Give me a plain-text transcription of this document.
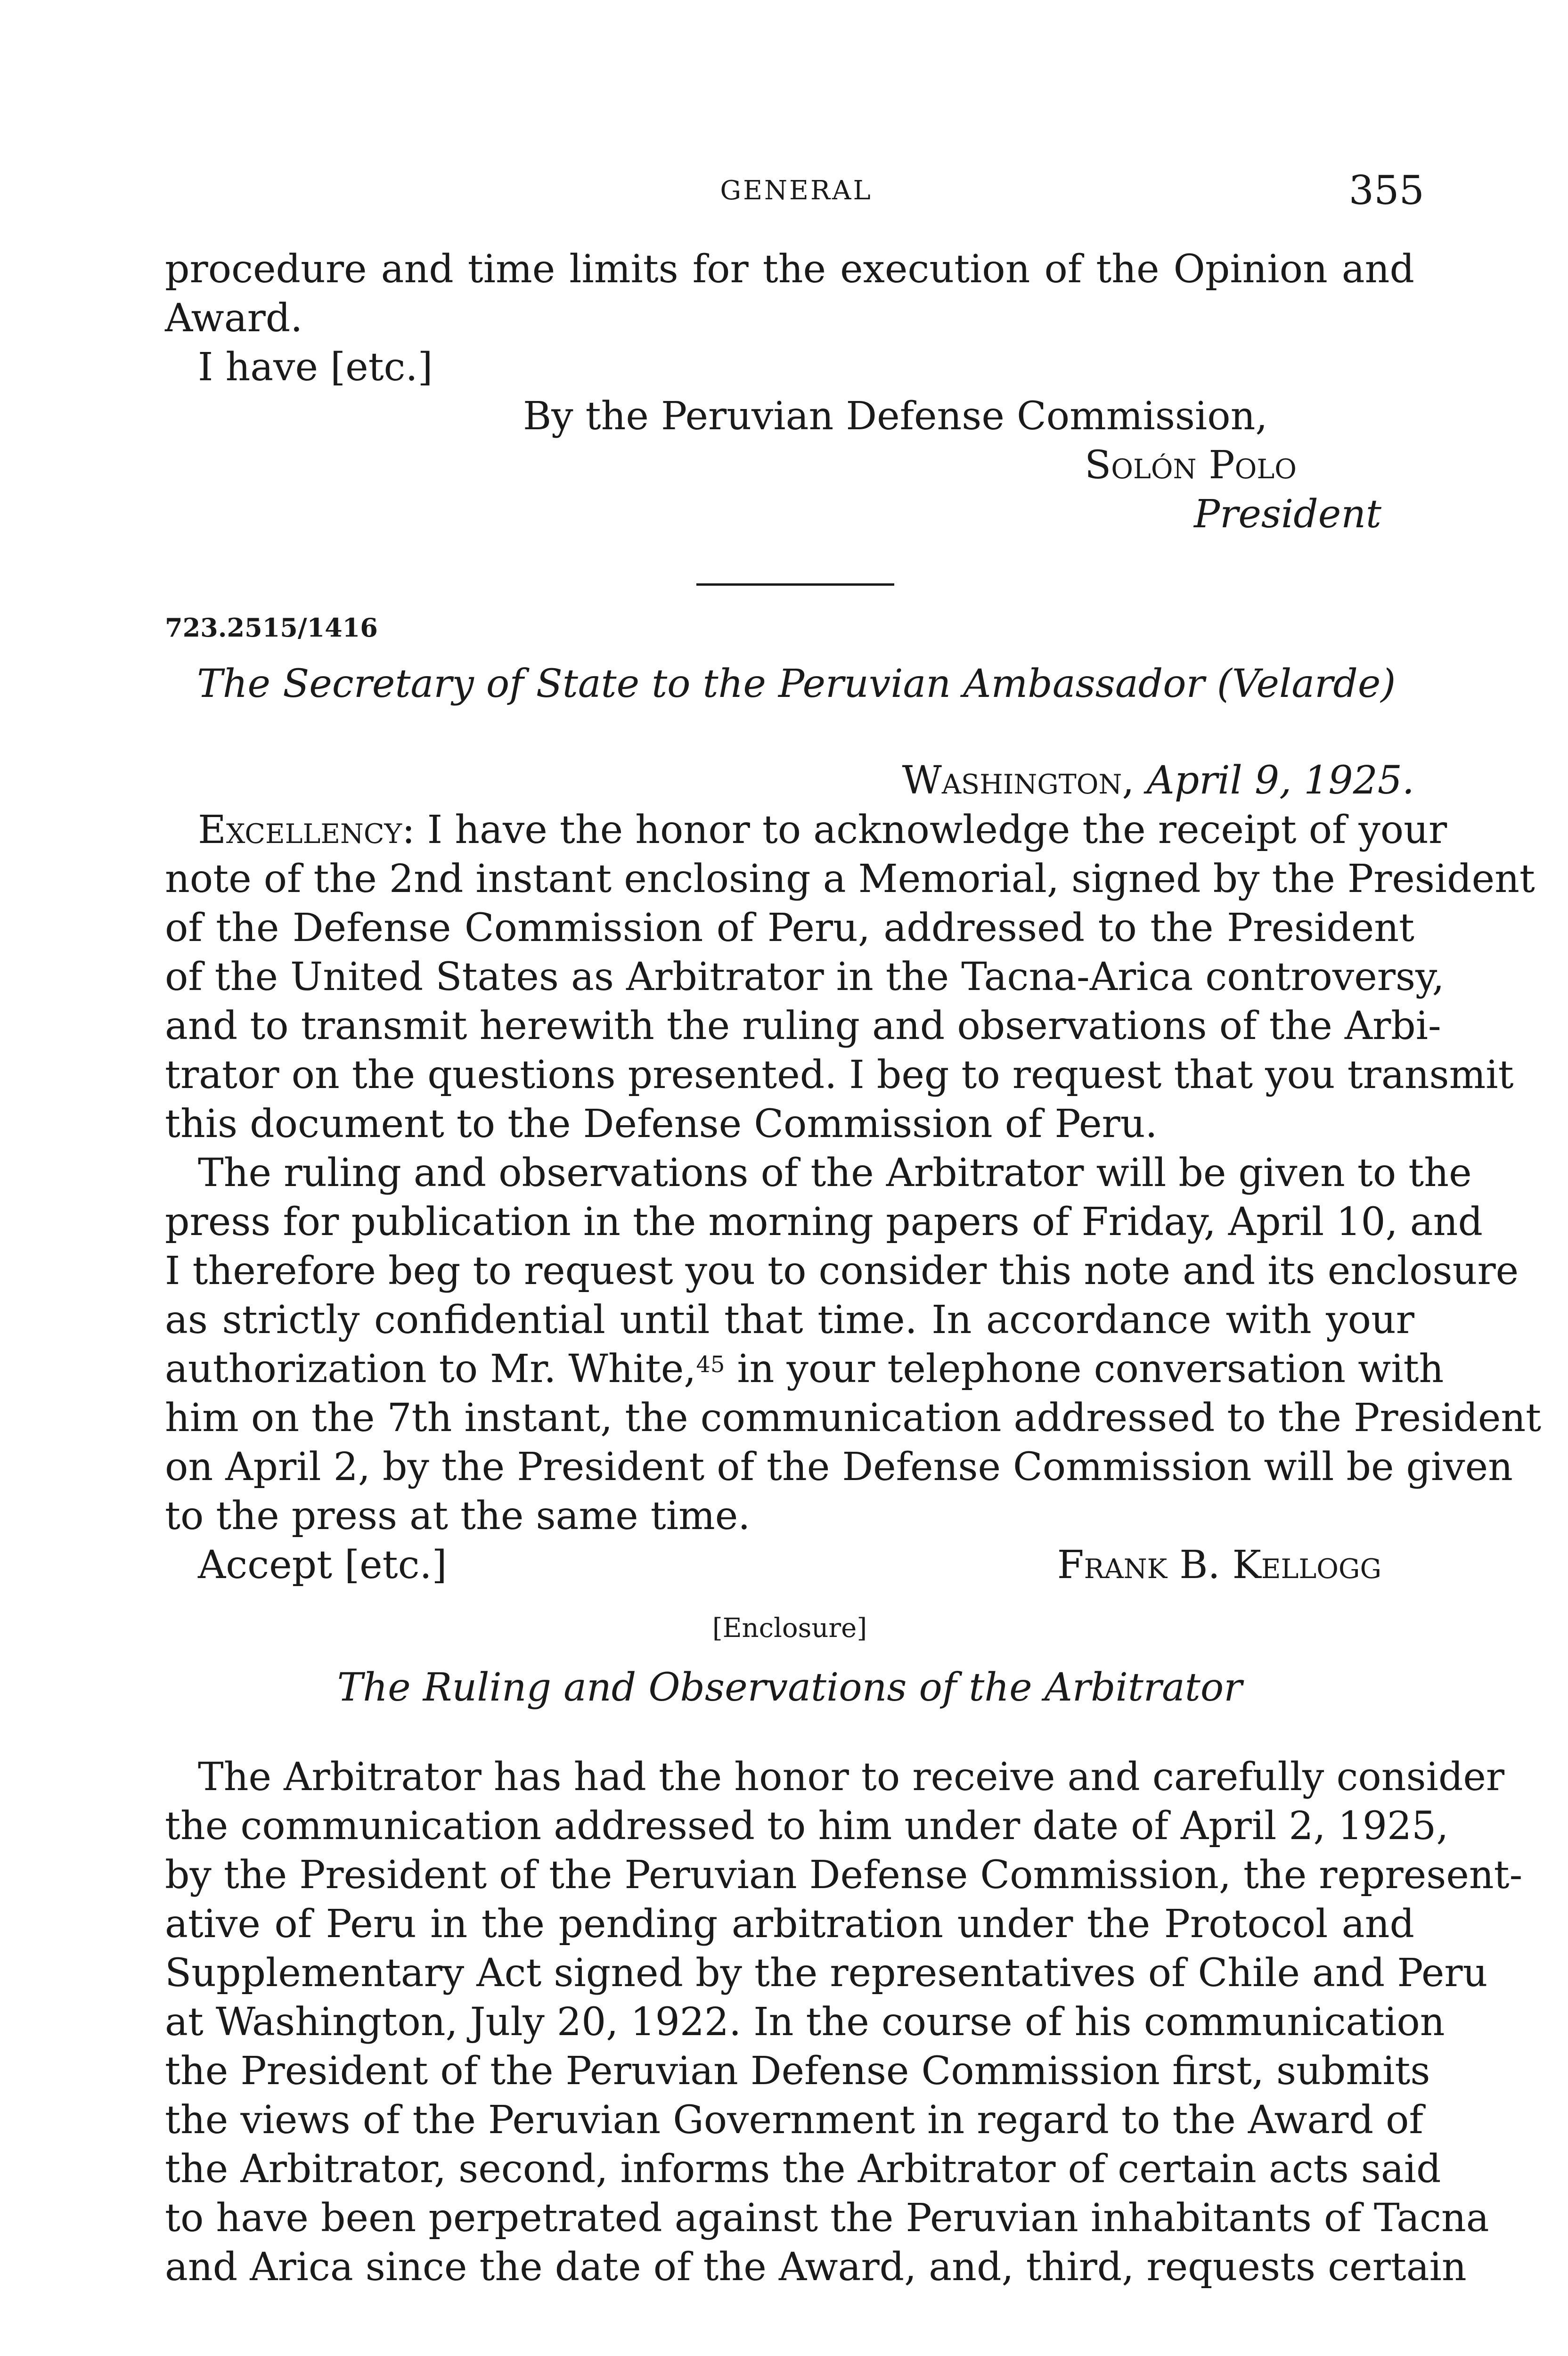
GENERAL	355
procedure and time limits for the execution of the Opinion and
Award.
I have [etc.]
By the Peruvian Defense Commission,
Solón Polo
President
723.2515/1416
The Secretary of State to the Peruvian Ambassador (Velarde)
Washington, April 9, 1925.
Excellency: I have the honor to acknowledge the receipt of your
note of the 2nd instant enclosing a Memorial, signed by the President
of the Defense Commission of Peru, addressed to the President
of the United States as Arbitrator in the Tacna-Arica controversy,
and to transmit herewith the ruling and observations of the Arbi-
trator on the questions presented. I beg to request that you transmit
this document to the Defense Commission of Peru.
The ruling and observations of the Arbitrator will be given to the
press for publication in the morning papers of Friday, April 10, and
I therefore beg to request you to consider this note and its enclosure
as strictly confidential until that time. In accordance with your
authorization to Mr. White,$^{45}$ in your telephone conversation with
him on the 7th instant, the communication addressed to the President
on April 2, by the President of the Defense Commission will be given
to the press at the same time.
Accept [etc.]	Frank B. Kellogg
[Enclosure]
The Ruling and Observations of the Arbitrator
The Arbitrator has had the honor to receive and carefully consider
the communication addressed to him under date of April 2, 1925,
by the President of the Peruvian Defense Commission, the represent-
ative of Peru in the pending arbitration under the Protocol and
Supplementary Act signed by the representatives of Chile and Peru
at Washington, July 20, 1922. In the course of his communication
the President of the Peruvian Defense Commission first, submits
the views of the Peruvian Government in regard to the Award of
the Arbitrator, second, informs the Arbitrator of certain acts said
to have been perpetrated against the Peruvian inhabitants of Tacna
and Arica since the date of the Award, and, third, requests certain
